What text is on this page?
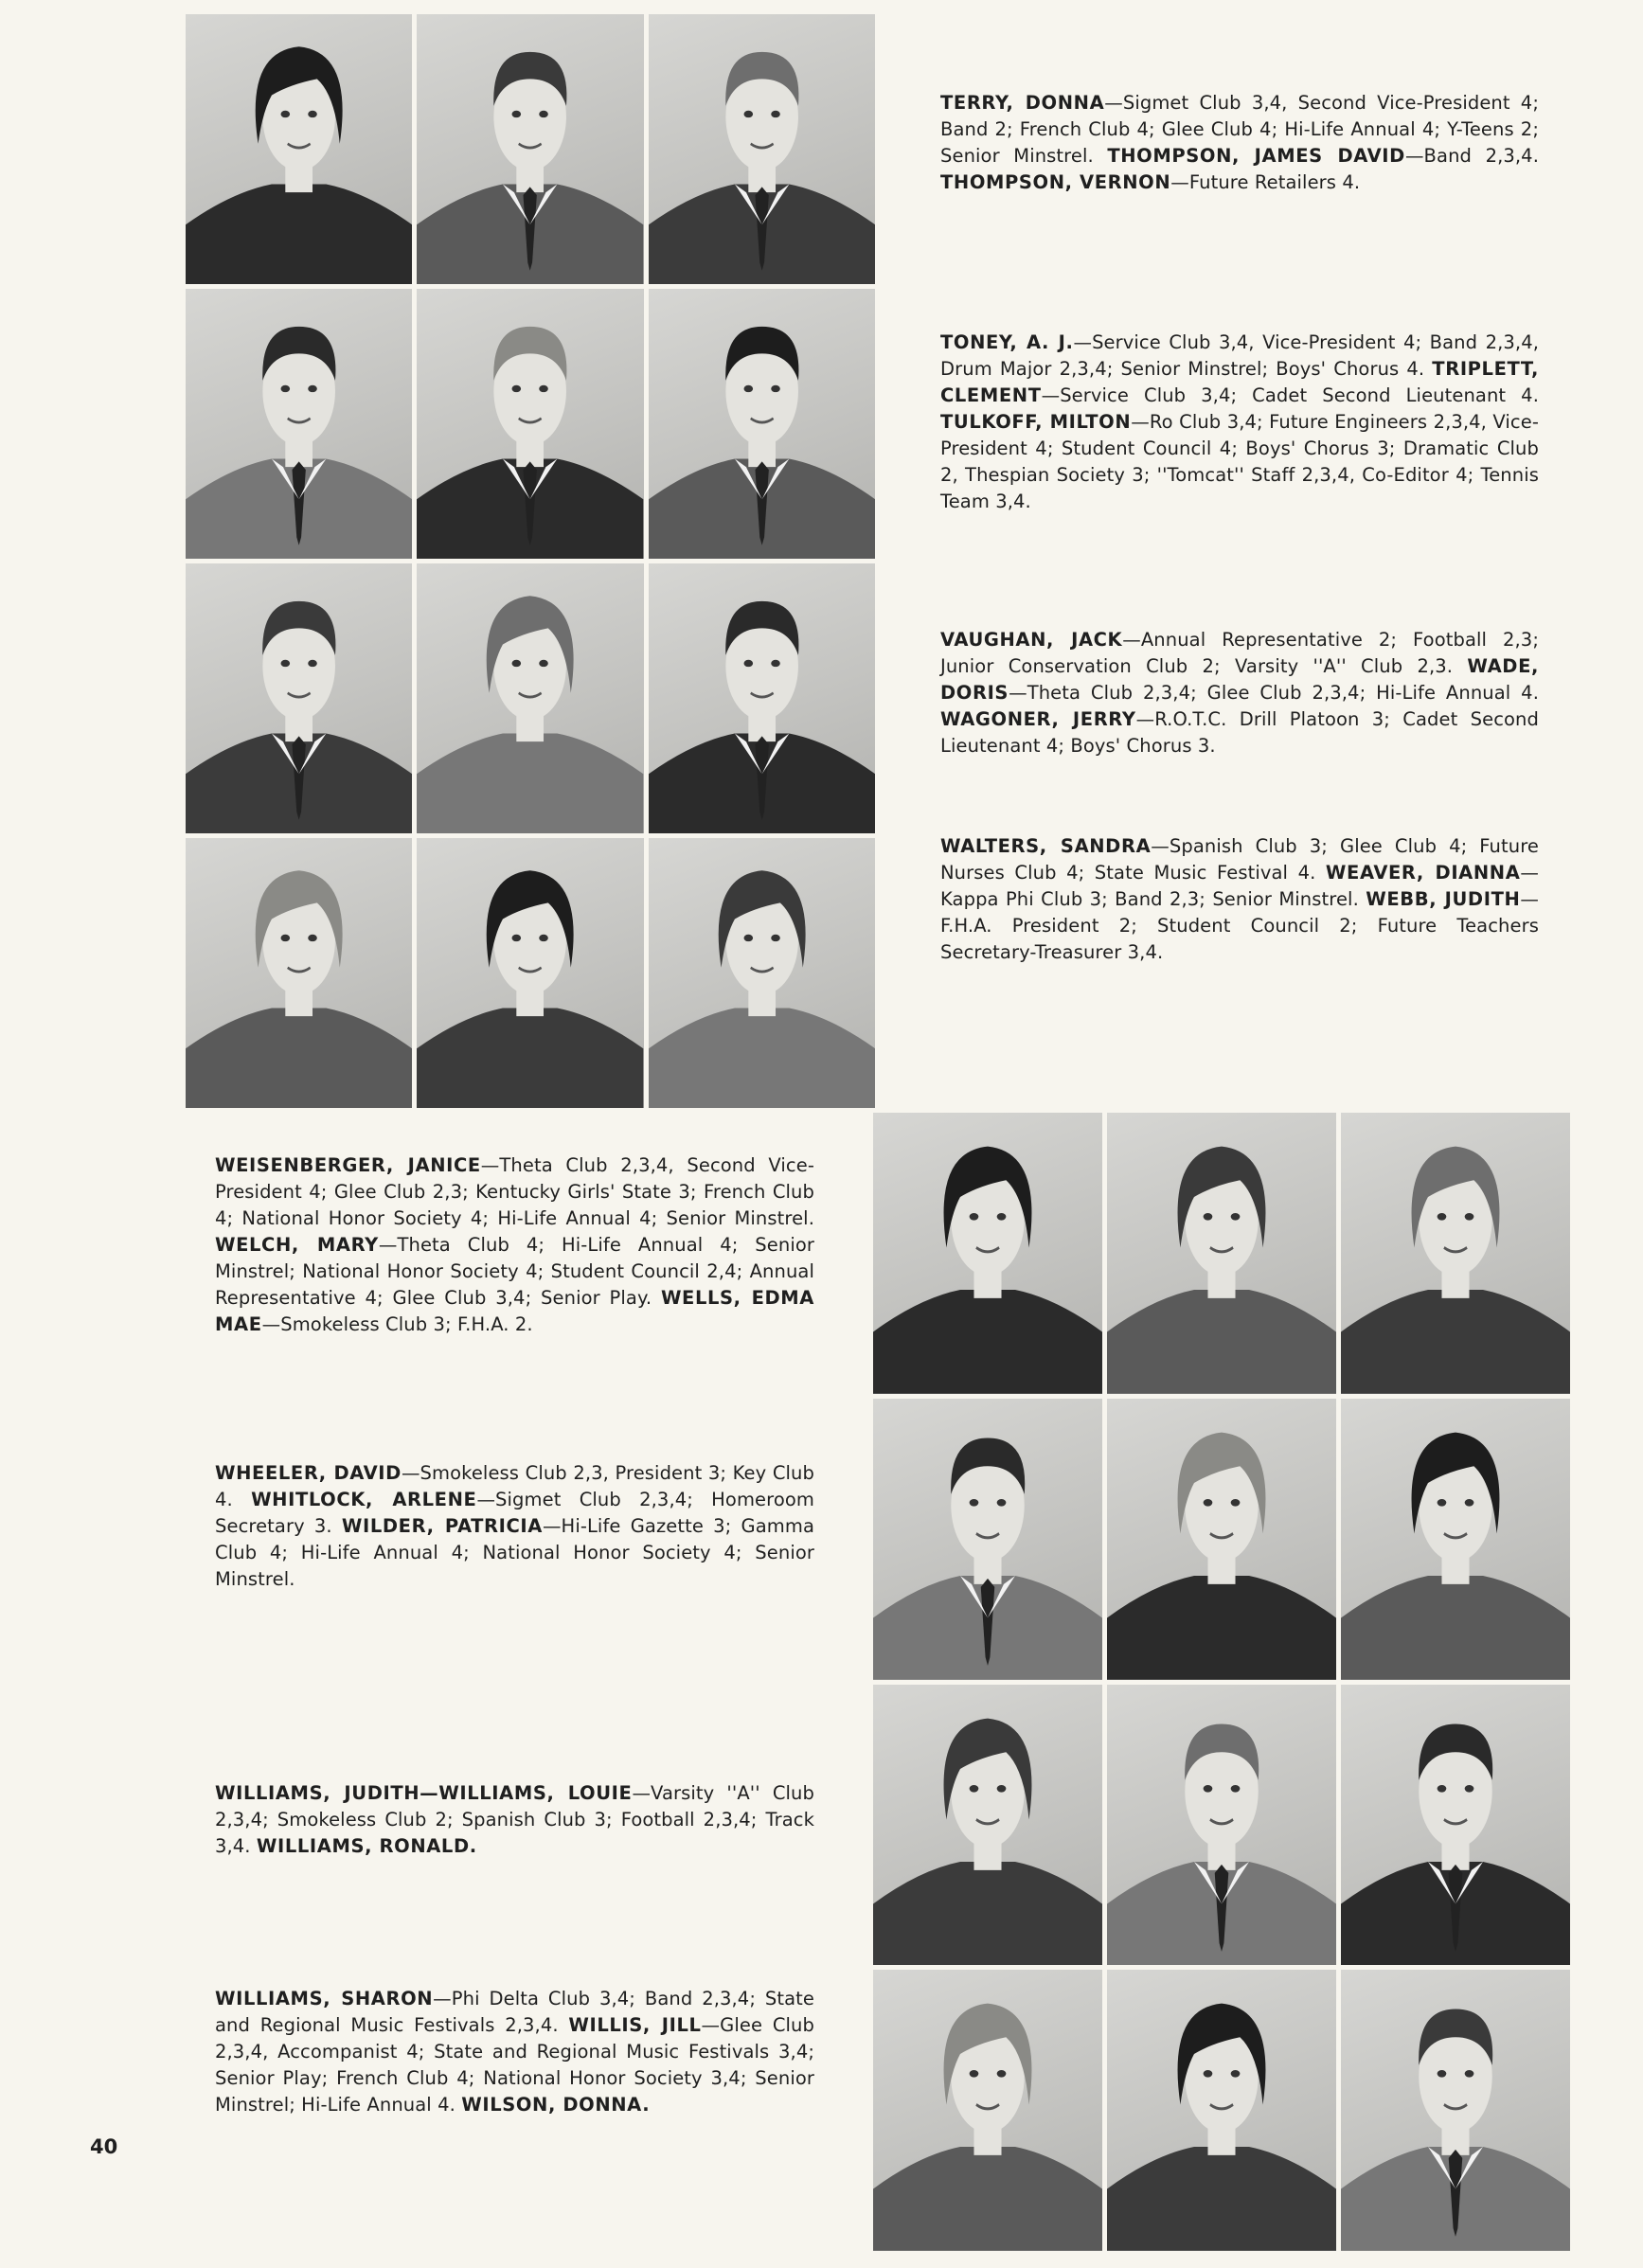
TERRY, DONNA—Sigmet Club 3,4, Second Vice-President 4; Band 2; French Club 4; Glee Club 4; Hi-Life Annual 4; Y-Teens 2; Senior Minstrel. THOMPSON, JAMES DAVID—Band 2,3,4. THOMPSON, VERNON—Future Retailers 4.
TONEY, A. J.—Service Club 3,4, Vice-President 4; Band 2,3,4, Drum Major 2,3,4; Senior Minstrel; Boys' Chorus 4. TRIPLETT, CLEMENT—Service Club 3,4; Cadet Second Lieutenant 4. TULKOFF, MILTON—Ro Club 3,4; Future Engineers 2,3,4, Vice-President 4; Student Council 4; Boys' Chorus 3; Dramatic Club 2, Thespian Society 3; ''Tomcat'' Staff 2,3,4, Co-Editor 4; Tennis Team 3,4.
VAUGHAN, JACK—Annual Representative 2; Football 2,3; Junior Conservation Club 2; Varsity ''A'' Club 2,3. WADE, DORIS—Theta Club 2,3,4; Glee Club 2,3,4; Hi-Life Annual 4. WAGONER, JERRY—R.O.T.C. Drill Platoon 3; Cadet Second Lieutenant 4; Boys' Chorus 3.
WALTERS, SANDRA—Spanish Club 3; Glee Club 4; Future Nurses Club 4; State Music Festival 4. WEAVER, DIANNA—Kappa Phi Club 3; Band 2,3; Senior Minstrel. WEBB, JUDITH—F.H.A. President 2; Student Council 2; Future Teachers Secretary-Treasurer 3,4.
WEISENBERGER, JANICE—Theta Club 2,3,4, Second Vice-President 4; Glee Club 2,3; Kentucky Girls' State 3; French Club 4; National Honor Society 4; Hi-Life Annual 4; Senior Minstrel. WELCH, MARY—Theta Club 4; Hi-Life Annual 4; Senior Minstrel; National Honor Society 4; Student Council 2,4; Annual Representative 4; Glee Club 3,4; Senior Play. WELLS, EDMA MAE—Smokeless Club 3; F.H.A. 2.
WHEELER, DAVID—Smokeless Club 2,3, President 3; Key Club 4. WHITLOCK, ARLENE—Sigmet Club 2,3,4; Homeroom Secretary 3. WILDER, PATRICIA—Hi-Life Gazette 3; Gamma Club 4; Hi-Life Annual 4; National Honor Society 4; Senior Minstrel.
WILLIAMS, JUDITH—WILLIAMS, LOUIE—Varsity ''A'' Club 2,3,4; Smokeless Club 2; Spanish Club 3; Football 2,3,4; Track 3,4. WILLIAMS, RONALD.
WILLIAMS, SHARON—Phi Delta Club 3,4; Band 2,3,4; State and Regional Music Festivals 2,3,4. WILLIS, JILL—Glee Club 2,3,4, Accompanist 4; State and Regional Music Festivals 3,4; Senior Play; French Club 4; National Honor Society 3,4; Senior Minstrel; Hi-Life Annual 4. WILSON, DONNA.
40
